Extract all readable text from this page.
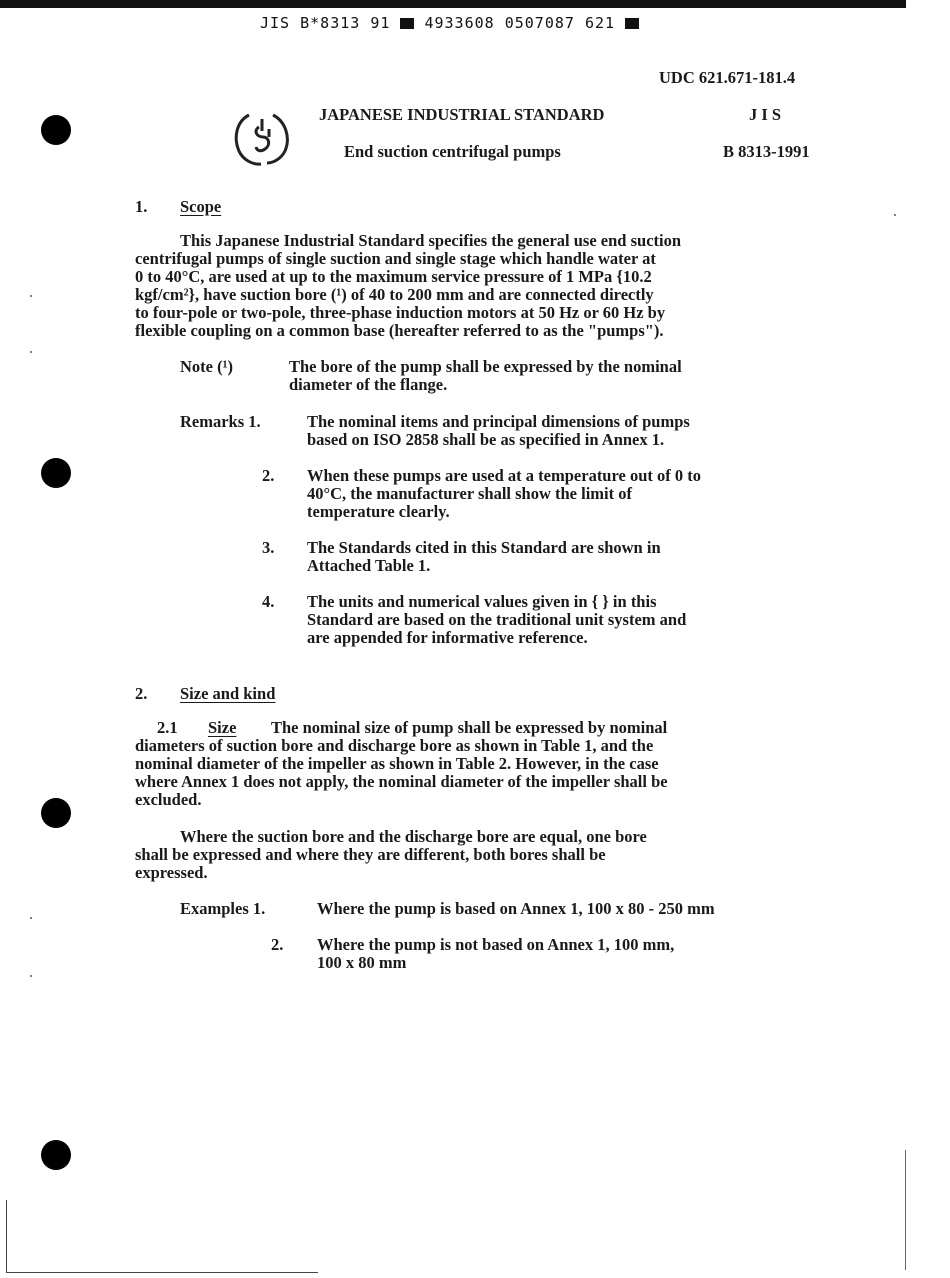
JIS B*8313 91 4933608 0507087 621
UDC 621.671-181.4
JAPANESE INDUSTRIAL STANDARD	J I S
End suction centrifugal pumps	B 8313-1991
1. Scope
This Japanese Industrial Standard specifies the general use end suction
centrifugal pumps of single suction and single stage which handle water at
0 to 40°C, are used at up to the maximum service pressure of 1 MPa {10.2
kgf/cm²}, have suction bore (¹) of 40 to 200 mm and are connected directly
to four-pole or two-pole, three-phase induction motors at 50 Hz or 60 Hz by
flexible coupling on a common base (hereafter referred to as the "pumps").
Note (¹)	The bore of the pump shall be expressed by the nominal
diameter of the flange.
Remarks 1.	The nominal items and principal dimensions of pumps
based on ISO 2858 shall be as specified in Annex 1.
2. When these pumps are used at a temperature out of 0 to
40°C, the manufacturer shall show the limit of
temperature clearly.
3. The Standards cited in this Standard are shown in
Attached Table 1.
4. The units and numerical values given in { } in this
Standard are based on the traditional unit system and
are appended for informative reference.
2. Size and kind
2.1 Size The nominal size of pump shall be expressed by nominal
diameters of suction bore and discharge bore as shown in Table 1, and the
nominal diameter of the impeller as shown in Table 2. However, in the case
where Annex 1 does not apply, the nominal diameter of the impeller shall be
excluded.
Where the suction bore and the discharge bore are equal, one bore
shall be expressed and where they are different, both bores shall be
expressed.
Examples 1.	Where the pump is based on Annex 1, 100 x 80 - 250 mm
2. Where the pump is not based on Annex 1, 100 mm,
100 x 80 mm
